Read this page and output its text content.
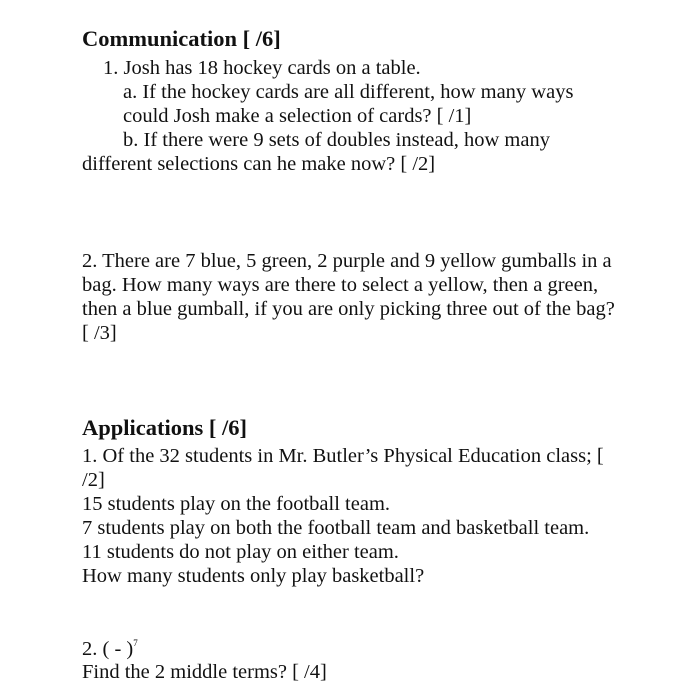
Communication [ /6]
1. Josh has 18 hockey cards on a table.
a. If the hockey cards are all different, how many ways
could Josh make a selection of cards? [ /1]
b. If there were 9 sets of doubles instead, how many
different selections can he make now? [ /2]
2. There are 7 blue, 5 green, 2 purple and 9 yellow gumballs in a
bag. How many ways are there to select a yellow, then a green,
then a blue gumball, if you are only picking three out of the bag?
[ /3]
Applications [ /6]
1. Of the 32 students in Mr. Butler’s Physical Education class; [
/2]
15 students play on the football team.
7 students play on both the football team and basketball team.
11 students do not play on either team.
How many students only play basketball?
2. ( - )$^7$
Find the 2 middle terms? [ /4]
